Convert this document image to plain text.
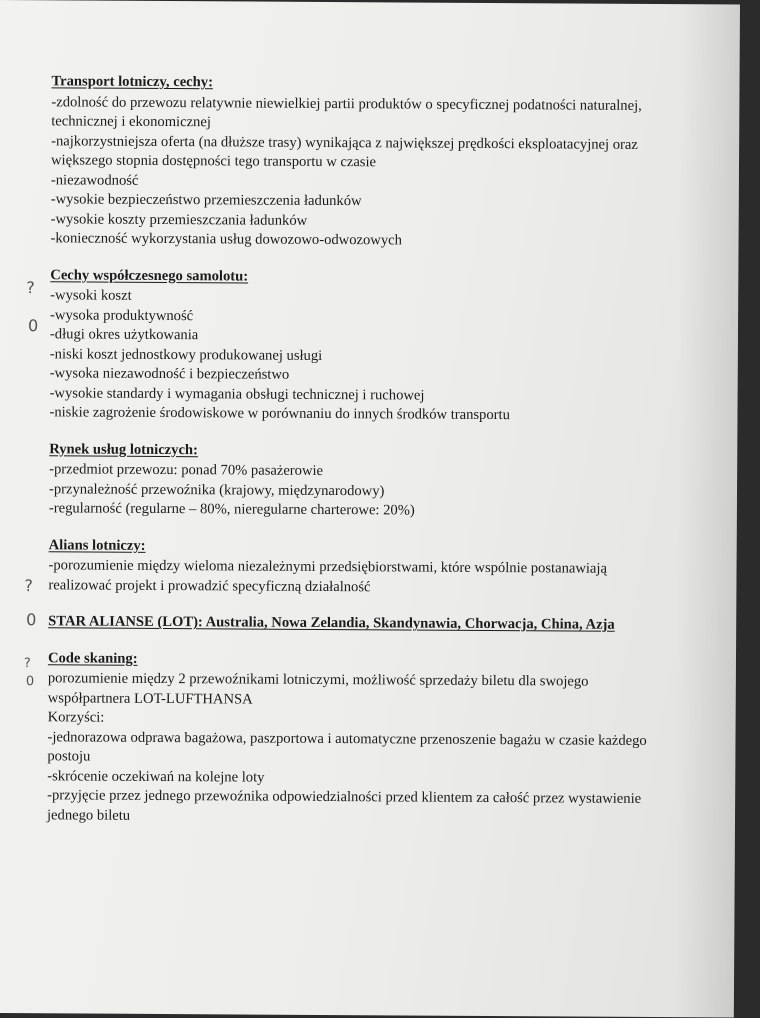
Transport lotniczy, cechy:

-zdolność do przewozu relatywnie niewielkiej partii produktów o specyficznej podatności naturalnej, technicznej i ekonomicznej
-najkorzystniejsza oferta (na dłuższe trasy) wynikająca z największej prędkości eksploatacyjnej oraz większego stopnia dostępności tego transportu w czasie
-niezawodność
-wysokie bezpieczeństwo przemieszczenia ładunków
-wysokie koszty przemieszczania ładunków
-konieczność wykorzystania usług dowozowo-odwozowych

Cechy współczesnego samolotu:

-wysoki koszt
-wysoka produktywność
-długi okres użytkowania
-niski koszt jednostkowy produkowanej usługi
-wysoka niezawodność i bezpieczeństwo
-wysokie standardy i wymagania obsługi technicznej i ruchowej
-niskie zagrożenie środowiskowe w porównaniu do innych środków transportu

Rynek usług lotniczych:

-przedmiot przewozu: ponad 70% pasażerowie
-przynależność przewoźnika (krajowy, międzynarodowy)
-regularność (regularne – 80%, nieregularne charterowe: 20%)

Alians lotniczy:

-porozumienie między wieloma niezależnymi przedsiębiorstwami, które wspólnie postanawiają realizować projekt i prowadzić specyficzną działalność

STAR ALIANSE (LOT): Australia, Nowa Zelandia, Skandynawia, Chorwacja, China, Azja

Code skaning:

porozumienie między 2 przewoźnikami lotniczymi, możliwość sprzedaży biletu dla swojego współpartnera LOT-LUFTHANSA
Korzyści:
-jednorazowa odprawa bagażowa, paszportowa i automatyczne przenoszenie bagażu w czasie każdego postoju
-skrócenie oczekiwań na kolejne loty
-przyjęcie przez jednego przewoźnika odpowiedzialności przed klientem za całość przez wystawienie jednego biletu
?
0
?
0
?
0
